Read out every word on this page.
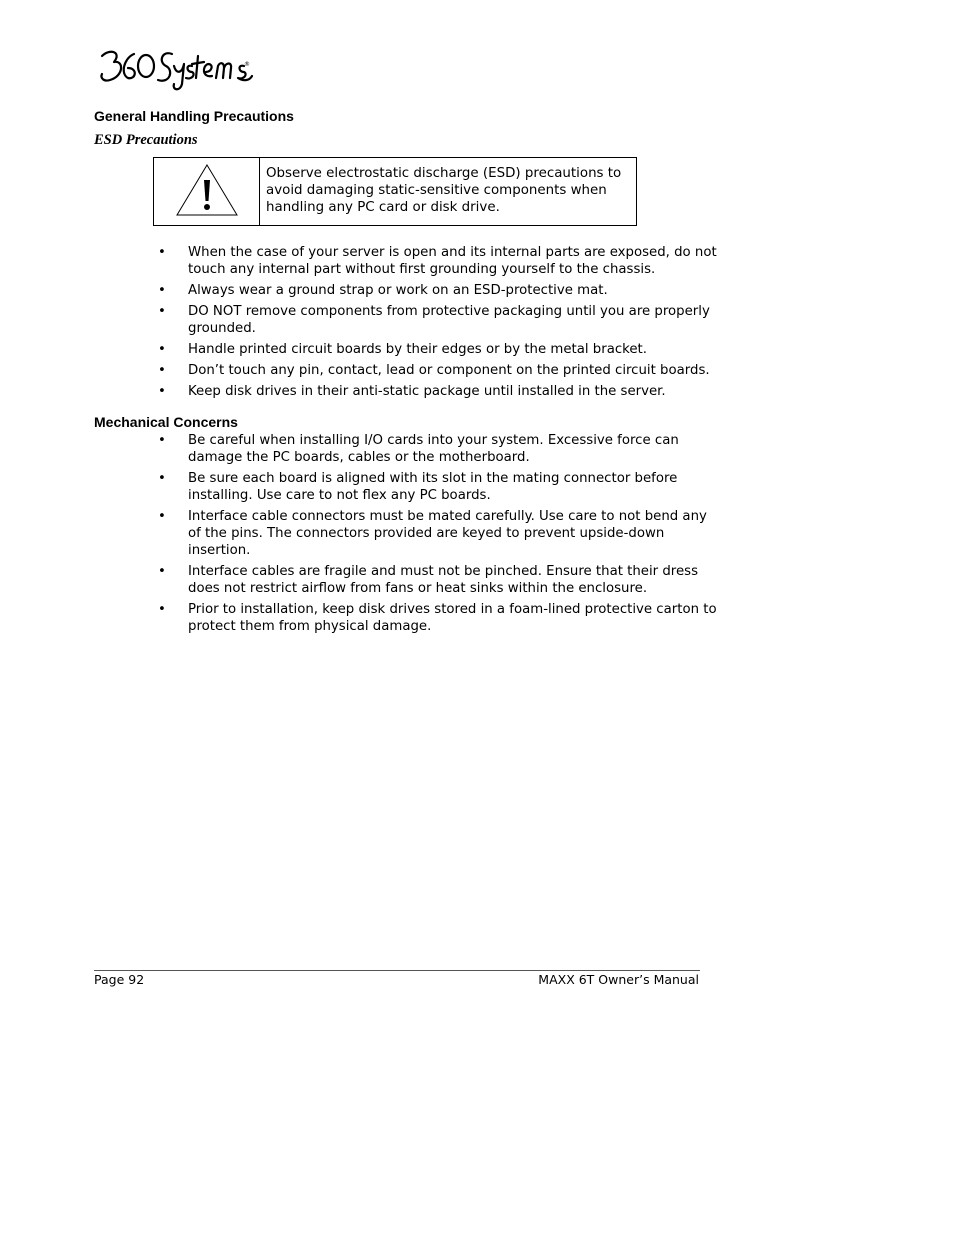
®
General Handling Precautions
ESD Precautions
Observe electrostatic discharge (ESD) precautions to avoid damaging static-sensitive components when handling any PC card or disk drive.
• When the case of your server is open and its internal parts are exposed, do not touch any internal part without first grounding yourself to the chassis.
• Always wear a ground strap or work on an ESD-protective mat.
• DO NOT remove components from protective packaging until you are properly grounded.
• Handle printed circuit boards by their edges or by the metal bracket.
• Don’t touch any pin, contact, lead or component on the printed circuit boards.
• Keep disk drives in their anti-static package until installed in the server.
Mechanical Concerns
• Be careful when installing I/O cards into your system. Excessive force can damage the PC boards, cables or the motherboard.
• Be sure each board is aligned with its slot in the mating connector before installing. Use care to not flex any PC boards.
• Interface cable connectors must be mated carefully. Use care to not bend any of the pins. The connectors provided are keyed to prevent upside-down insertion.
• Interface cables are fragile and must not be pinched. Ensure that their dress does not restrict airflow from fans or heat sinks within the enclosure.
• Prior to installation, keep disk drives stored in a foam-lined protective carton to protect them from physical damage.
Page 92	MAXX 6T Owner’s Manual
